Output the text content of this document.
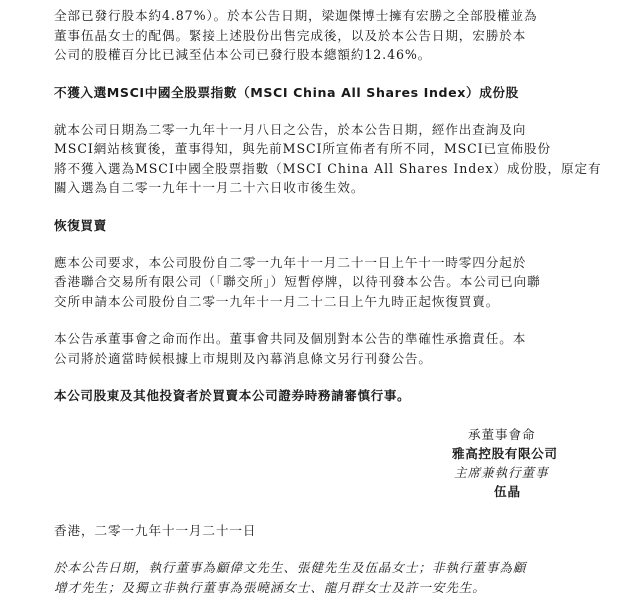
全部已發行股本約4.87%）。於本公告日期，梁迦傑博士擁有宏勝之全部股權並為
董事伍晶女士的配偶。緊接上述股份出售完成後，以及於本公告日期，宏勝於本
公司的股權百分比已減至佔本公司已發行股本總額約12.46%。

不獲入選MSCI中國全股票指數（MSCI China All Shares Index）成份股

就本公司日期為二零一九年十一月八日之公告，於本公告日期，經作出查詢及向
MSCI網站核實後，董事得知，與先前MSCI所宣佈者有所不同，MSCI已宣佈股份
將不獲入選為MSCI中國全股票指數（MSCI China All Shares Index）成份股，原定有
關入選為自二零一九年十一月二十六日收市後生效。

恢復買賣

應本公司要求，本公司股份自二零一九年十一月二十一日上午十一時零四分起於
香港聯合交易所有限公司（「聯交所」）短暫停牌，以待刊發本公告。本公司已向聯
交所申請本公司股份自二零一九年十一月二十二日上午九時正起恢復買賣。

本公告承董事會之命而作出。董事會共同及個別對本公告的準確性承擔責任。本
公司將於適當時候根據上市規則及內幕消息條文另行刊發公告。

本公司股東及其他投資者於買賣本公司證券時務請審慎行事。

承董事會命
雅高控股有限公司
主席兼執行董事
伍晶

香港，二零一九年十一月二十一日

於本公告日期，執行董事為顧偉文先生、張健先生及伍晶女士；非執行董事為顧
增才先生；及獨立非執行董事為張曉涵女士、龍月群女士及許一安先生。
